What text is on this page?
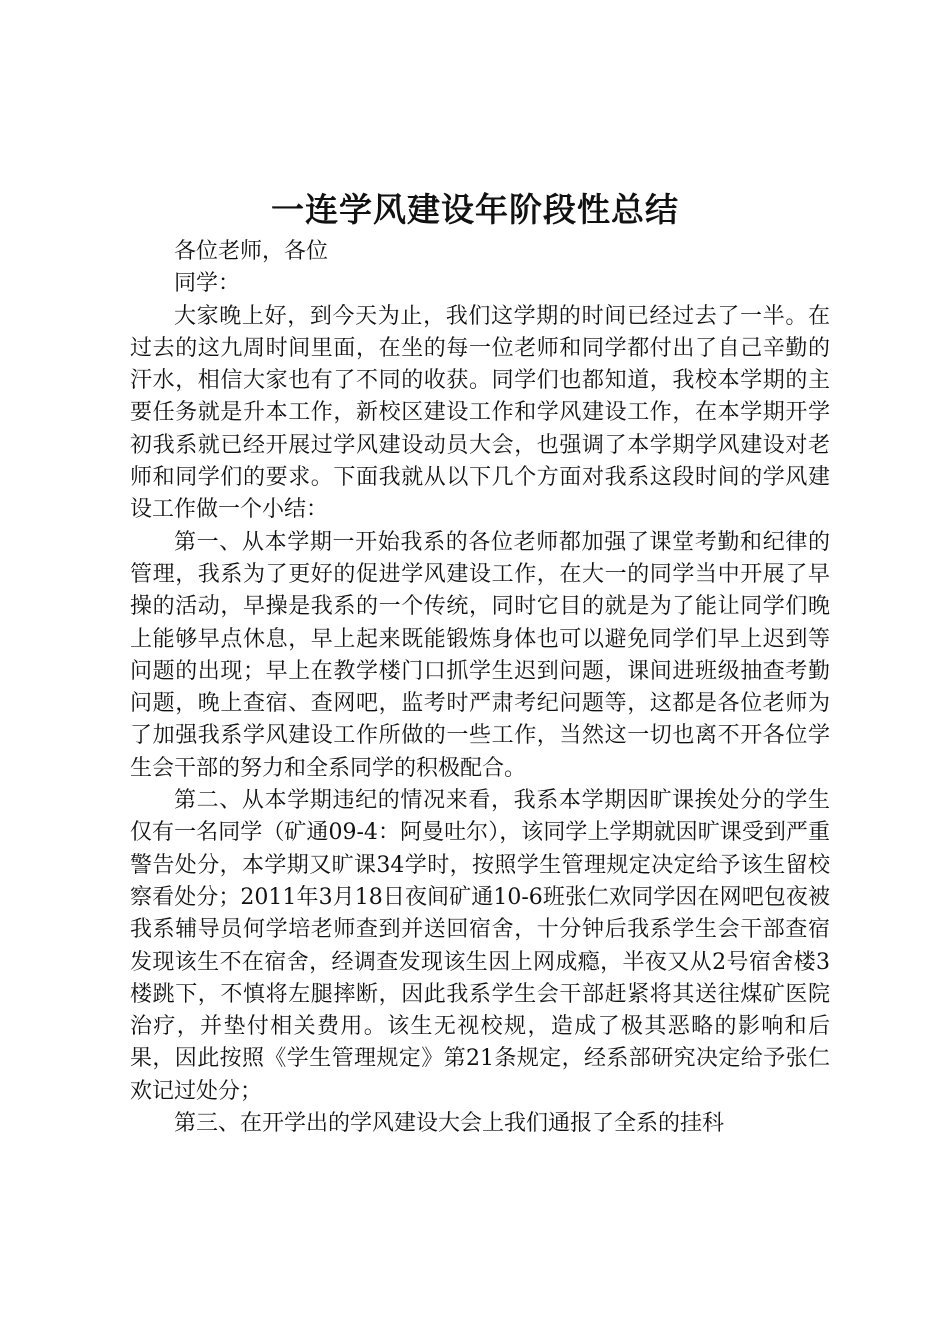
一连学风建设年阶段性总结

各位老师，各位

同学：

大家晚上好，到今天为止，我们这学期的时间已经过去了一半。在过去的这九周时间里面，在坐的每一位老师和同学都付出了自己辛勤的汗水，相信大家也有了不同的收获。同学们也都知道，我校本学期的主要任务就是升本工作，新校区建设工作和学风建设工作，在本学期开学初我系就已经开展过学风建设动员大会，也强调了本学期学风建设对老师和同学们的要求。下面我就从以下几个方面对我系这段时间的学风建设工作做一个小结：

第一、从本学期一开始我系的各位老师都加强了课堂考勤和纪律的管理，我系为了更好的促进学风建设工作，在大一的同学当中开展了早操的活动，早操是我系的一个传统，同时它目的就是为了能让同学们晚上能够早点休息，早上起来既能锻炼身体也可以避免同学们早上迟到等问题的出现；早上在教学楼门口抓学生迟到问题，课间进班级抽查考勤问题，晚上查宿、查网吧，监考时严肃考纪问题等，这都是各位老师为了加强我系学风建设工作所做的一些工作，当然这一切也离不开各位学生会干部的努力和全系同学的积极配合。

第二、从本学期违纪的情况来看，我系本学期因旷课挨处分的学生仅有一名同学（矿通09-4：阿曼吐尔），该同学上学期就因旷课受到严重警告处分，本学期又旷课34学时，按照学生管理规定决定给予该生留校察看处分；2011年3月18日夜间矿通10-6班张仁欢同学因在网吧包夜被我系辅导员何学培老师查到并送回宿舍，十分钟后我系学生会干部查宿发现该生不在宿舍，经调查发现该生因上网成瘾，半夜又从2号宿舍楼3楼跳下，不慎将左腿摔断，因此我系学生会干部赶紧将其送往煤矿医院治疗，并垫付相关费用。该生无视校规，造成了极其恶略的影响和后果，因此按照《学生管理规定》第21条规定，经系部研究决定给予张仁欢记过处分；

第三、在开学出的学风建设大会上我们通报了全系的挂科
